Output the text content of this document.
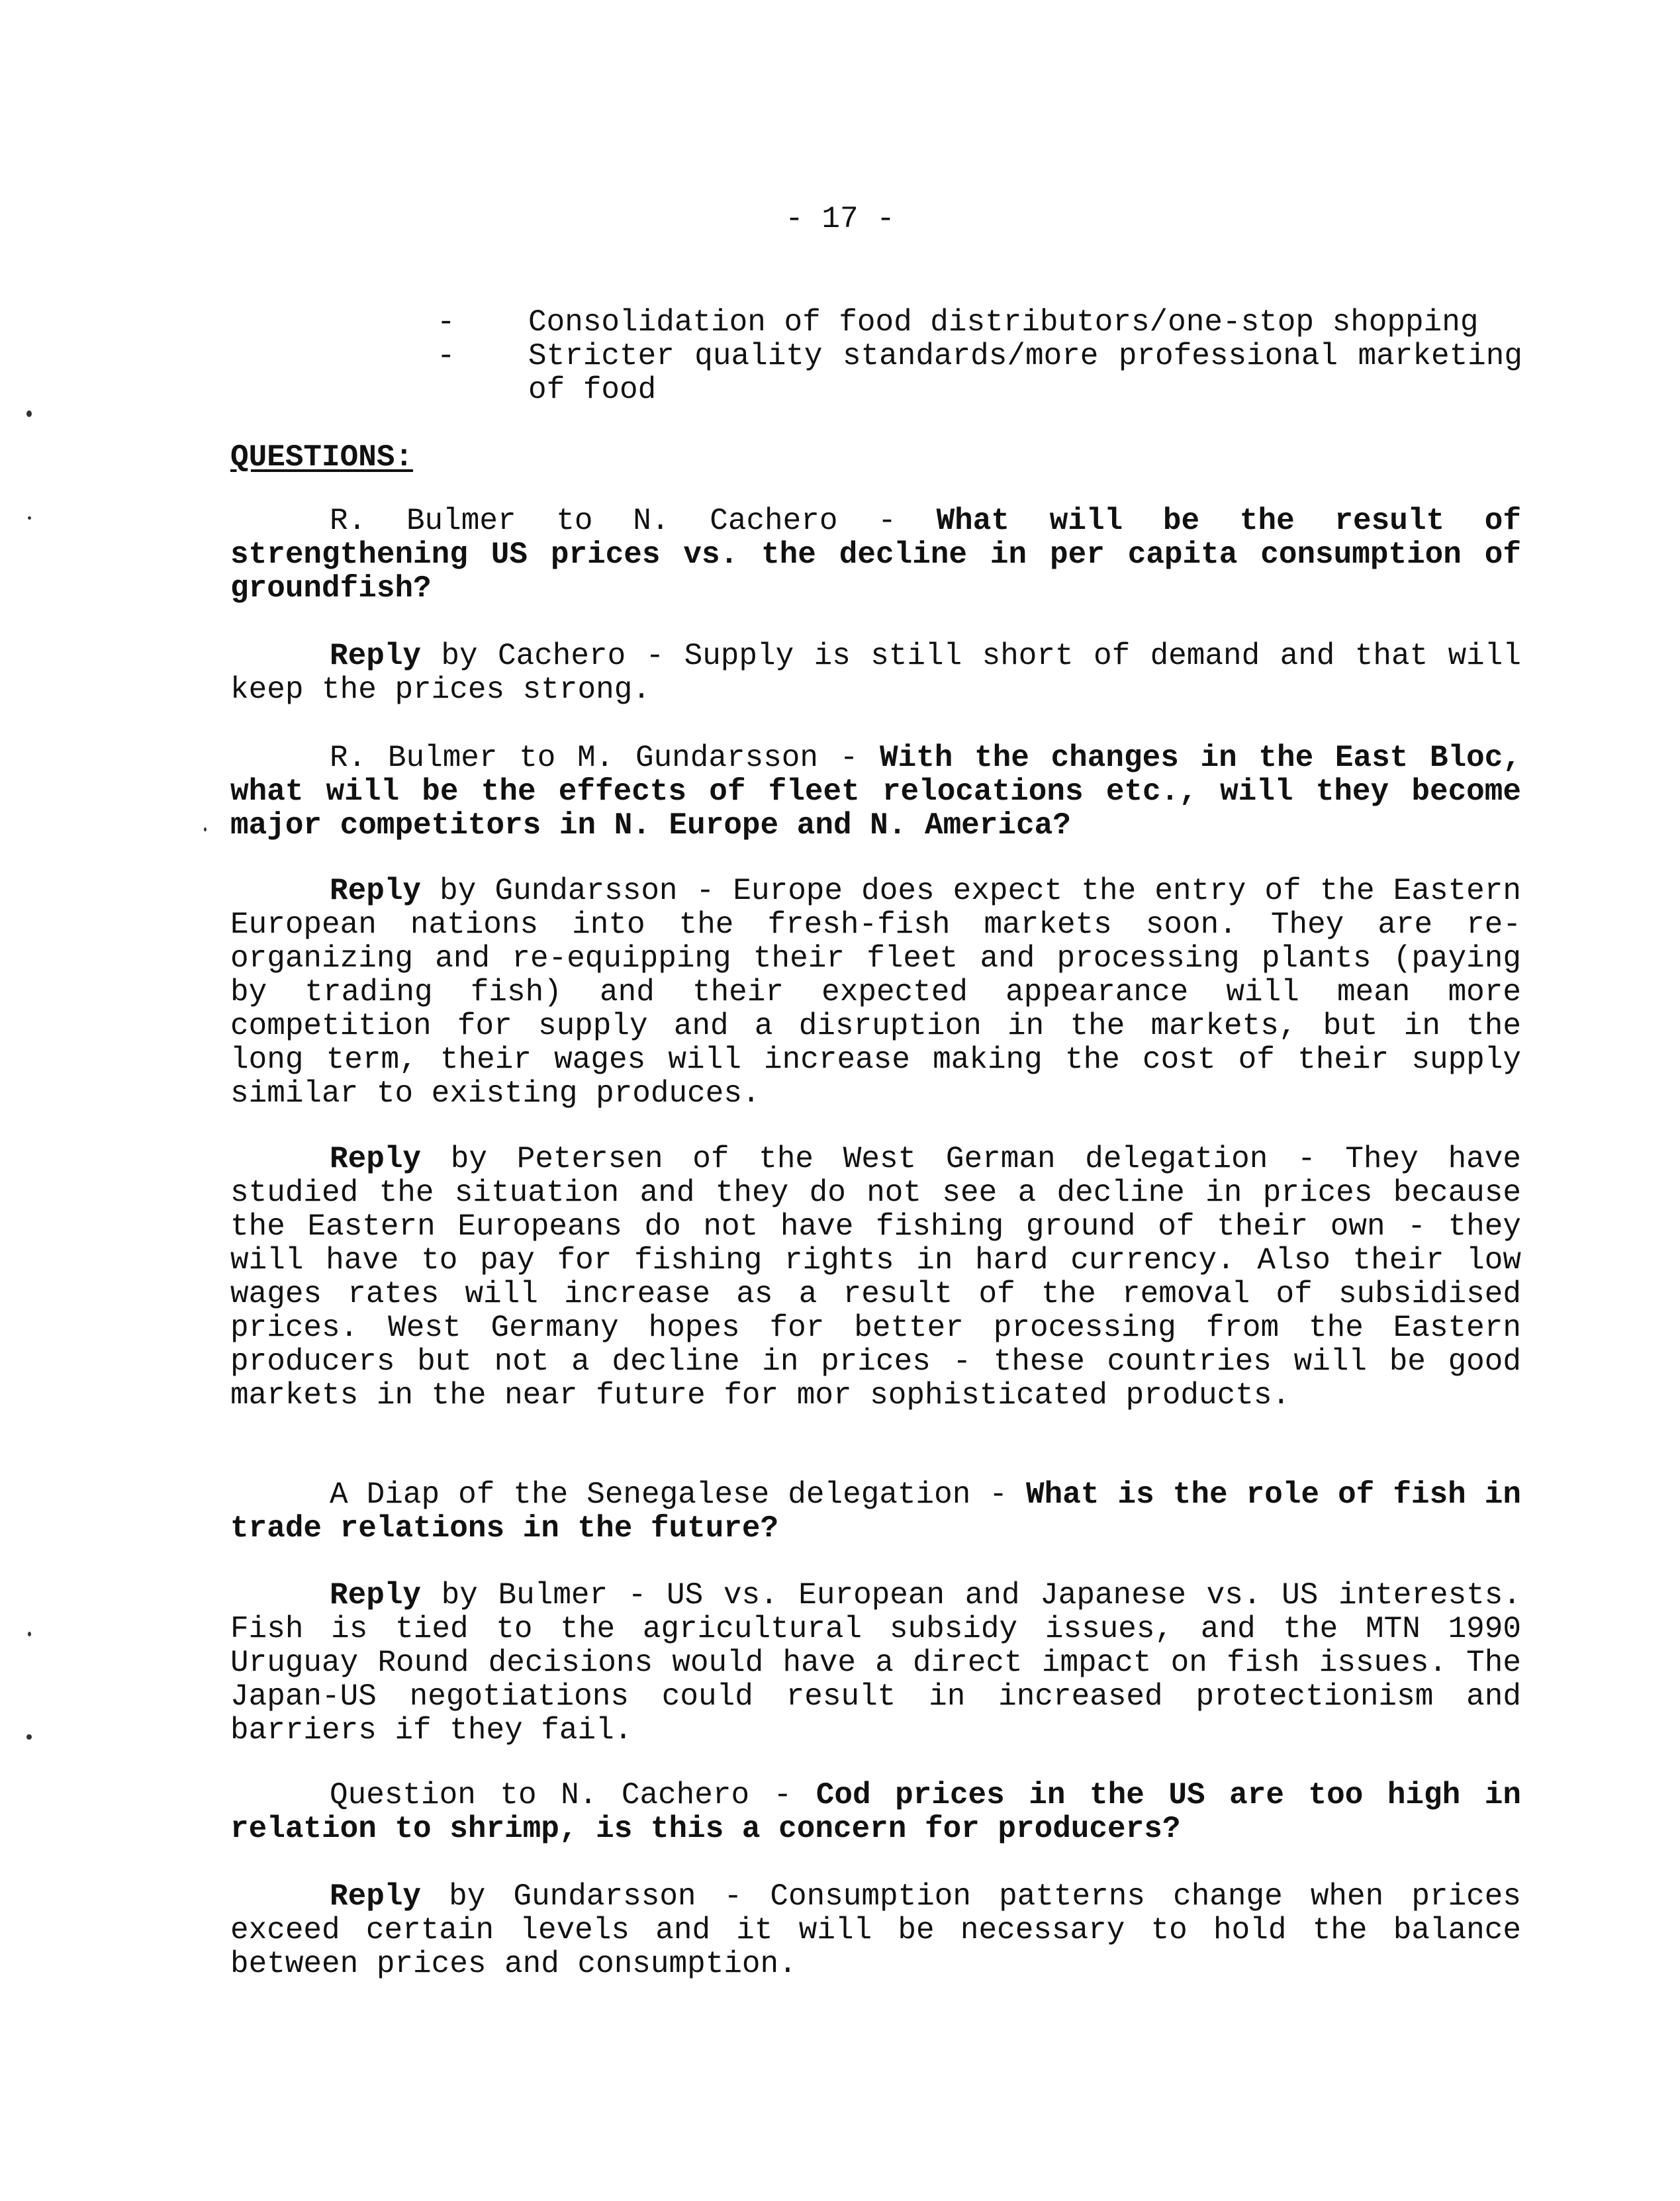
- 17 -
- Consolidation of food distributors/one-stop shopping
- Stricter quality standards/more professional marketing of food
QUESTIONS:
R. Bulmer to N. Cachero - What will be the result of strengthening US prices vs. the decline in per capita consumption of groundfish?
Reply by Cachero - Supply is still short of demand and that will keep the prices strong.
R. Bulmer to M. Gundarsson - With the changes in the East Bloc, what will be the effects of fleet relocations etc., will they become major competitors in N. Europe and N. America?
Reply by Gundarsson - Europe does expect the entry of the Eastern European nations into the fresh-fish markets soon. They are re-organizing and re-equipping their fleet and processing plants (paying by trading fish) and their expected appearance will mean more competition for supply and a disruption in the markets, but in the long term, their wages will increase making the cost of their supply similar to existing produces.
Reply by Petersen of the West German delegation - They have studied the situation and they do not see a decline in prices because the Eastern Europeans do not have fishing ground of their own - they will have to pay for fishing rights in hard currency. Also their low wages rates will increase as a result of the removal of subsidised prices. West Germany hopes for better processing from the Eastern producers but not a decline in prices - these countries will be good markets in the near future for mor sophisticated products.
A Diap of the Senegalese delegation - What is the role of fish in trade relations in the future?
Reply by Bulmer - US vs. European and Japanese vs. US interests. Fish is tied to the agricultural subsidy issues, and the MTN 1990 Uruguay Round decisions would have a direct impact on fish issues. The Japan-US negotiations could result in increased protectionism and barriers if they fail.
Question to N. Cachero - Cod prices in the US are too high in relation to shrimp, is this a concern for producers?
Reply by Gundarsson - Consumption patterns change when prices exceed certain levels and it will be necessary to hold the balance between prices and consumption.
